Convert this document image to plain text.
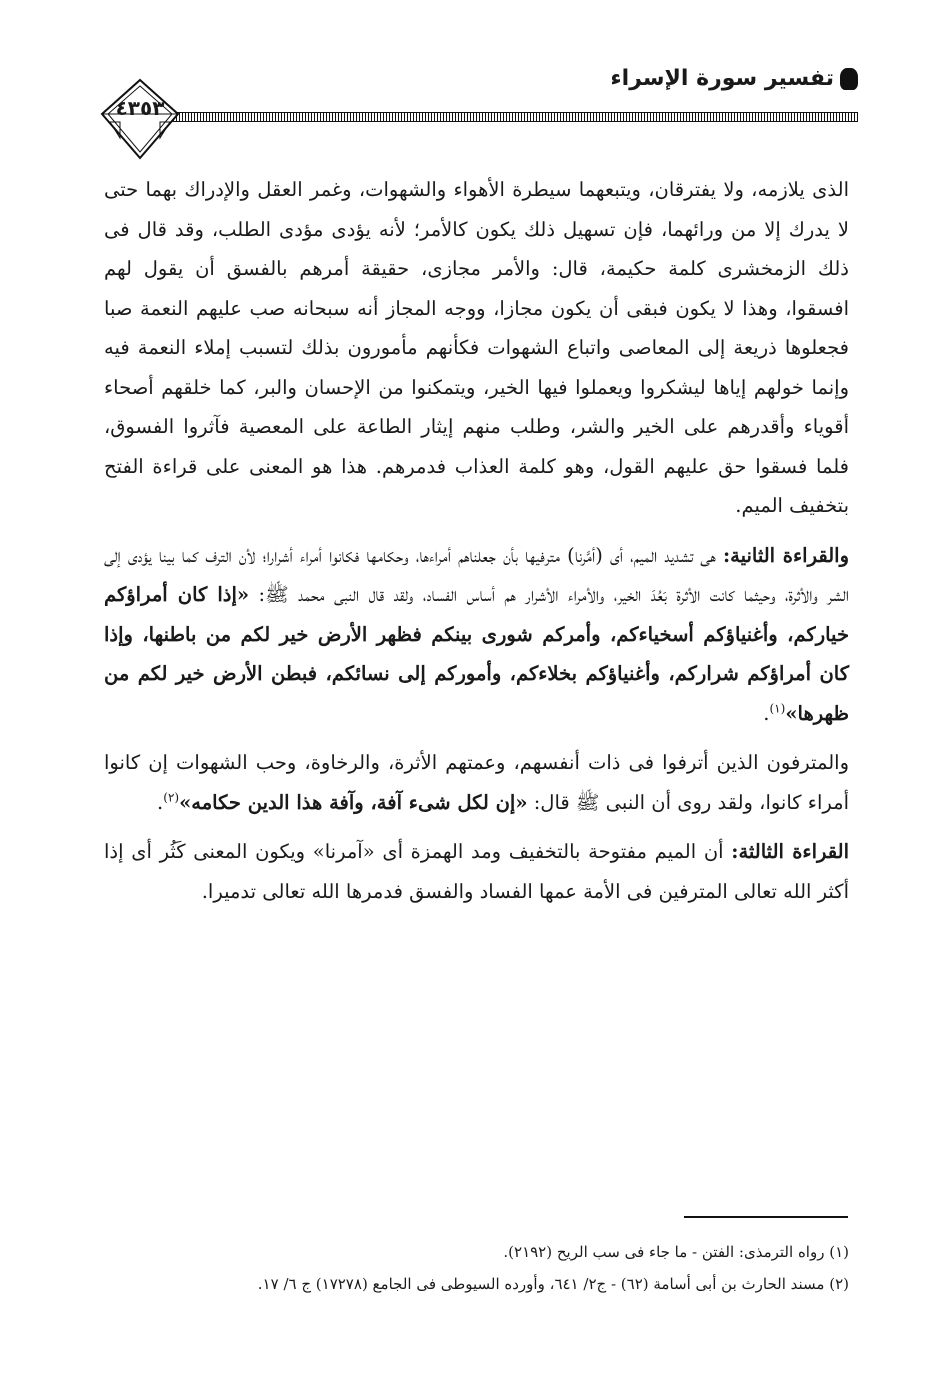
تفسير سورة الإسراء
٤٣٥٣

الذى يلازمه، ولا يفترقان، ويتبعهما سيطرة الأهواء والشهوات، وغمر العقل والإدراك بهما حتى لا يدرك إلا من ورائهما، فإن تسهيل ذلك يكون كالأمر؛ لأنه يؤدى مؤدى الطلب، وقد قال فى ذلك الزمخشرى كلمة حكيمة، قال: والأمر مجازى، حقيقة أمرهم بالفسق أن يقول لهم افسقوا، وهذا لا يكون فبقى أن يكون مجازا، ووجه المجاز أنه سبحانه صب عليهم النعمة صبا فجعلوها ذريعة إلى المعاصى واتباع الشهوات فكأنهم مأمورون بذلك لتسبب إملاء النعمة فيه وإنما خولهم إياها ليشكروا ويعملوا فيها الخير، ويتمكنوا من الإحسان والبر، كما خلقهم أصحاء أقوياء وأقدرهم على الخير والشر، وطلب منهم إيثار الطاعة على المعصية فآثروا الفسوق، فلما فسقوا حق عليهم القول، وهو كلمة العذاب فدمرهم. هذا هو المعنى على قراءة الفتح بتخفيف الميم.

والقراءة الثانية: هى تشديد الميم، أى (أمَّرنا) مترفيها بأن جعلناهم أمراءها، وحكامها فكانوا أمراء أشرارا؛ لأن الترف كما بينا يؤدى إلى الشر والأثرة، وحيثما كانت الأثرة بَعُدَ الخير، والأمراء الأشرار هم أساس الفساد، ولقد قال النبى محمد ﷺ: «إذا كان أمراؤكم خياركم، وأغنياؤكم أسخياءكم، وأمركم شورى بينكم فظهر الأرض خير لكم من باطنها، وإذا كان أمراؤكم شراركم، وأغنياؤكم بخلاءكم، وأموركم إلى نسائكم، فبطن الأرض خير لكم من ظهرها»$^{(١)}$.

والمترفون الذين أترفوا فى ذات أنفسهم، وعمتهم الأثرة، والرخاوة، وحب الشهوات إن كانوا أمراء كانوا، ولقد روى أن النبى ﷺ قال: «إن لكل شىء آفة، وآفة هذا الدين حكامه»$^{(٢)}$.

القراءة الثالثة: أن الميم مفتوحة بالتخفيف ومد الهمزة أى «آمرنا» ويكون المعنى كَثُر أى إذا أكثر الله تعالى المترفين فى الأمة عمها الفساد والفسق فدمرها الله تعالى تدميرا.

(١) رواه الترمذى: الفتن - ما جاء فى سب الريح (٢١٩٢).
(٢) مسند الحارث بن أبى أسامة (٦٢) - ج٢/ ٦٤١، وأورده السيوطى فى الجامع (١٧٢٧٨) ج ٦/ ١٧.
